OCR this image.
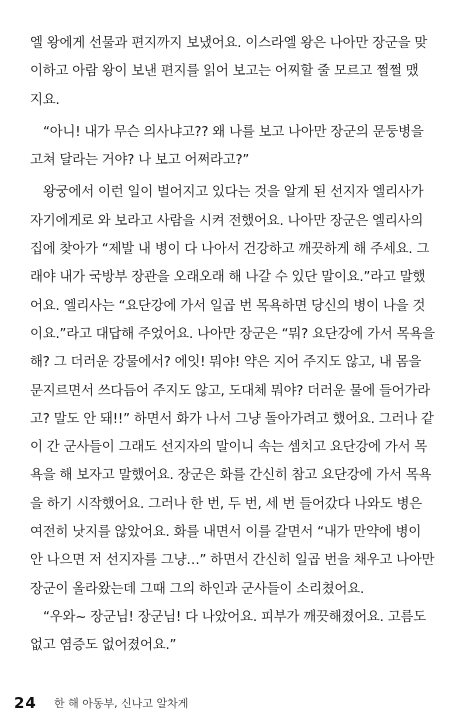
엘 왕에게 선물과 편지까지 보냈어요. 이스라엘 왕은 나아만 장군을 맞
이하고 아람 왕이 보낸 편지를 읽어 보고는 어찌할 줄 모르고 쩔쩔 맸
지요.
“아니! 내가 무슨 의사냐고?? 왜 나를 보고 나아만 장군의 문둥병을
고쳐 달라는 거야? 나 보고 어쩌라고?”
왕궁에서 이런 일이 벌어지고 있다는 것을 알게 된 선지자 엘리사가
자기에게로 와 보라고 사람을 시켜 전했어요. 나아만 장군은 엘리사의
집에 찾아가 “제발 내 병이 다 나아서 건강하고 깨끗하게 해 주세요. 그
래야 내가 국방부 장관을 오래오래 해 나갈 수 있단 말이요.”라고 말했
어요. 엘리사는 “요단강에 가서 일곱 번 목욕하면 당신의 병이 나을 것
이요.”라고 대답해 주었어요. 나아만 장군은 “뭐? 요단강에 가서 목욕을
해? 그 더러운 강물에서? 에잇! 뭐야! 약은 지어 주지도 않고, 내 몸을
문지르면서 쓰다듬어 주지도 않고, 도대체 뭐야? 더러운 물에 들어가라
고? 말도 안 돼!!” 하면서 화가 나서 그냥 돌아가려고 했어요. 그러나 같
이 간 군사들이 그래도 선지자의 말이니 속는 셈치고 요단강에 가서 목
욕을 해 보자고 말했어요. 장군은 화를 간신히 참고 요단강에 가서 목욕
을 하기 시작했어요. 그러나 한 번, 두 번, 세 번 들어갔다 나와도 병은
여전히 낫지를 않았어요. 화를 내면서 이를 갈면서 “내가 만약에 병이
안 나으면 저 선지자를 그냥…” 하면서 간신히 일곱 번을 채우고 나아만
장군이 올라왔는데 그때 그의 하인과 군사들이 소리쳤어요.
“우와~ 장군님! 장군님! 다 나았어요. 피부가 깨끗해졌어요. 고름도
없고 염증도 없어졌어요.”
24 한 해 아동부, 신나고 알차게
